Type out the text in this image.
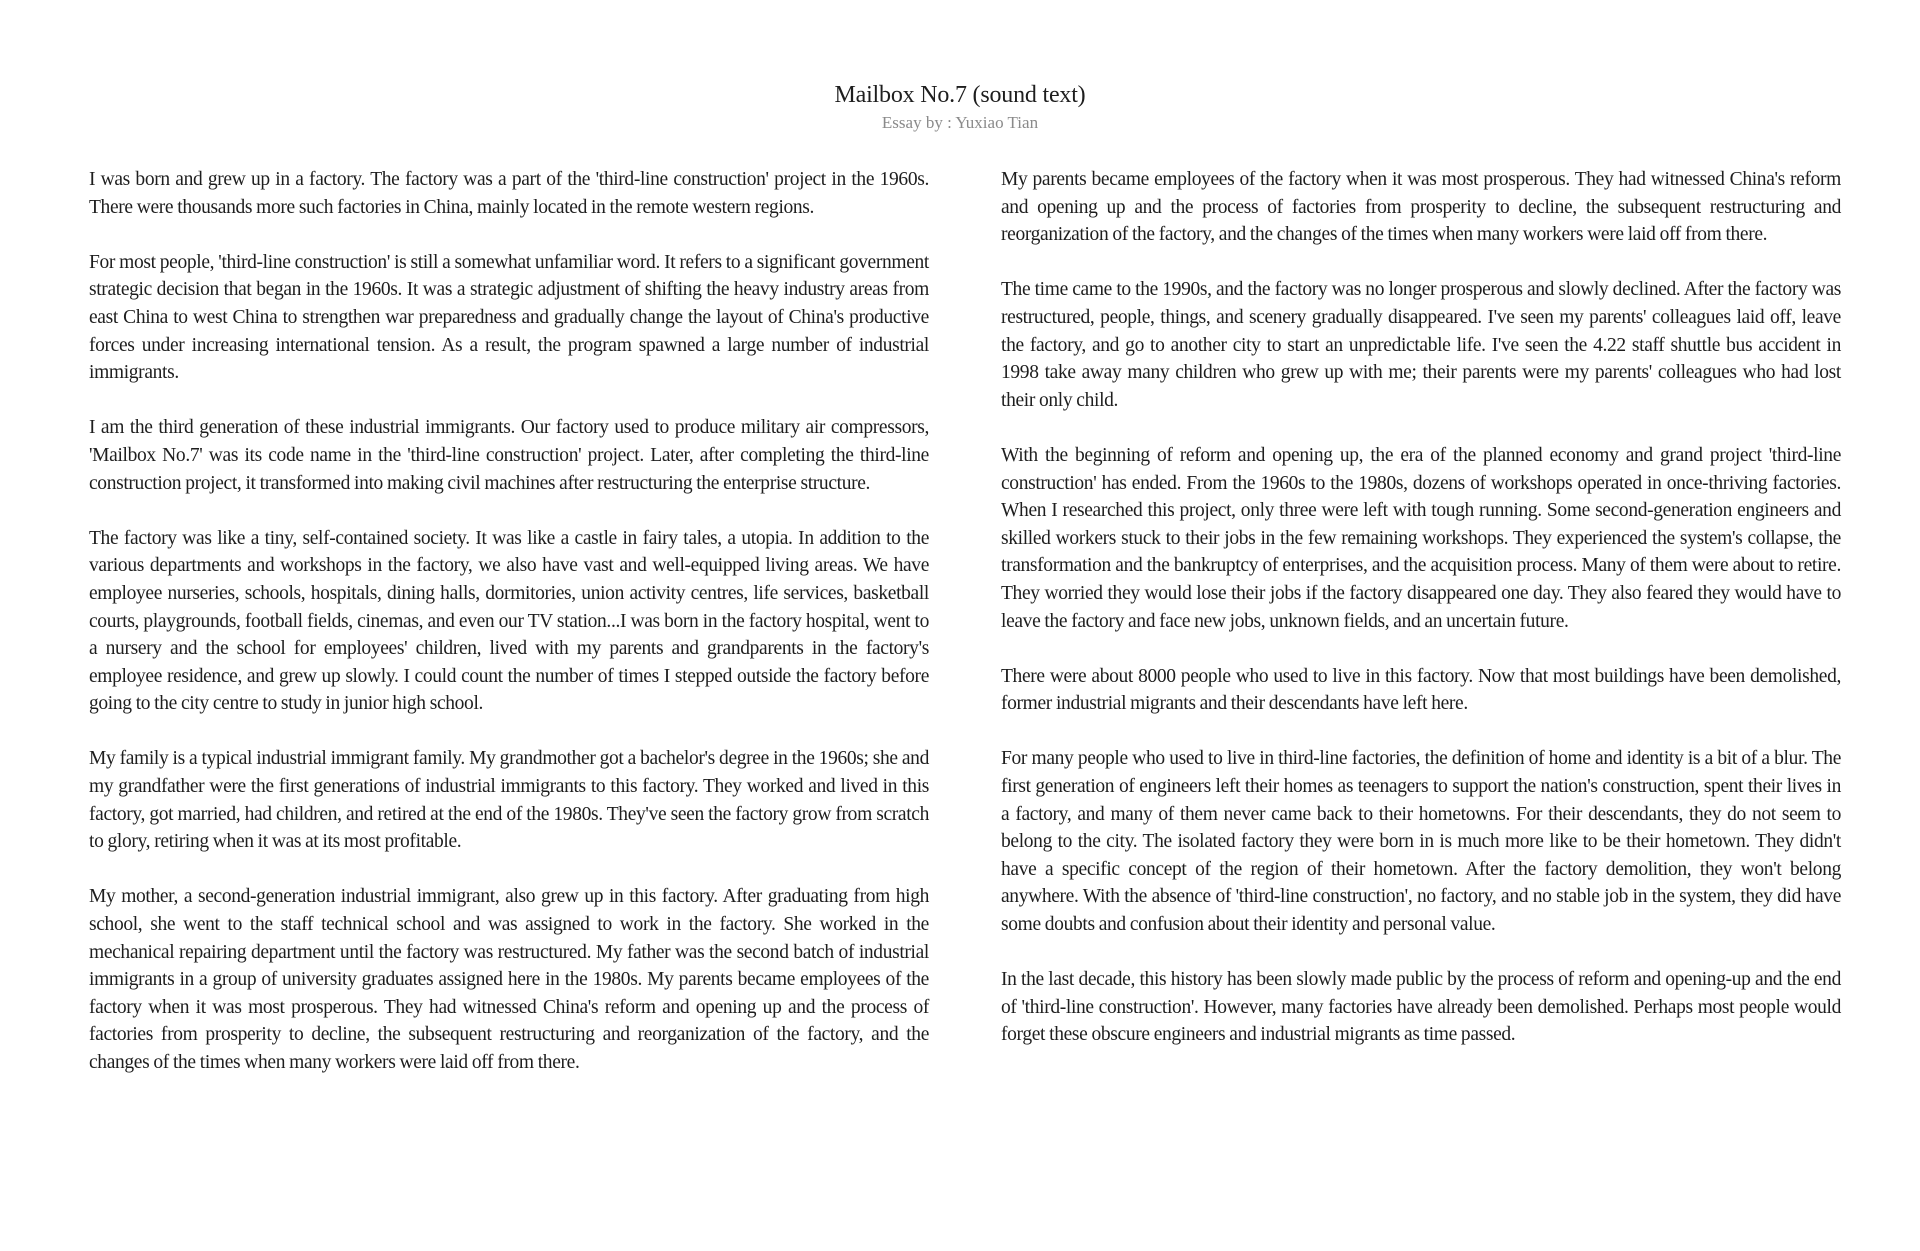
Mailbox No.7 (sound text)
Essay by : Yuxiao Tian

I was born and grew up in a factory. The factory was a part of the 'third-line construction' project in the 1960s. There were thousands more such factories in China, mainly located in the remote western regions.

For most people, 'third-line construction' is still a somewhat unfamiliar word. It refers to a significant government strategic decision that began in the 1960s. It was a strategic adjustment of shifting the heavy industry areas from east China to west China to strengthen war preparedness and gradually change the layout of China's productive forces under increasing international tension. As a result, the program spawned a large number of industrial immigrants.

I am the third generation of these industrial immigrants. Our factory used to produce military air compressors, 'Mailbox No.7' was its code name in the 'third-line construction' project. Later, after completing the third-line construction project, it transformed into making civil machines after restructuring the enterprise structure.

The factory was like a tiny, self-contained society. It was like a castle in fairy tales, a utopia. In addition to the various departments and workshops in the factory, we also have vast and well-equipped living areas. We have employee nurseries, schools, hospitals, dining halls, dormitories, union activity centres, life services, basketball courts, playgrounds, football fields, cinemas, and even our TV station...I was born in the factory hospital, went to a nursery and the school for employees' children, lived with my parents and grandparents in the factory's employee residence, and grew up slowly. I could count the number of times I stepped outside the factory before going to the city centre to study in junior high school.

My family is a typical industrial immigrant family. My grandmother got a bachelor's degree in the 1960s; she and my grandfather were the first generations of industrial immigrants to this factory. They worked and lived in this factory, got married, had children, and retired at the end of the 1980s. They've seen the factory grow from scratch to glory, retiring when it was at its most profitable.

My mother, a second-generation industrial immigrant, also grew up in this factory. After graduating from high school, she went to the staff technical school and was assigned to work in the factory. She worked in the mechanical repairing department until the factory was restructured. My father was the second batch of industrial immigrants in a group of university graduates assigned here in the 1980s. My parents became employees of the factory when it was most prosperous. They had witnessed China's reform and opening up and the process of factories from prosperity to decline, the subsequent restructuring and reorganization of the factory, and the changes of the times when many workers were laid off from there.

My parents became employees of the factory when it was most prosperous. They had witnessed China's reform and opening up and the process of factories from prosperity to decline, the subsequent restructuring and reorganization of the factory, and the changes of the times when many workers were laid off from there.

The time came to the 1990s, and the factory was no longer prosperous and slowly declined. After the factory was restructured, people, things, and scenery gradually disappeared. I've seen my parents' colleagues laid off, leave the factory, and go to another city to start an unpredictable life. I've seen the 4.22 staff shuttle bus accident in 1998 take away many children who grew up with me; their parents were my parents' colleagues who had lost their only child.

With the beginning of reform and opening up, the era of the planned economy and grand project 'third-line construction' has ended. From the 1960s to the 1980s, dozens of workshops operated in once-thriving factories. When I researched this project, only three were left with tough running. Some second-generation engineers and skilled workers stuck to their jobs in the few remaining workshops. They experienced the system's collapse, the transformation and the bankruptcy of enterprises, and the acquisition process. Many of them were about to retire. They worried they would lose their jobs if the factory disappeared one day. They also feared they would have to leave the factory and face new jobs, unknown fields, and an uncertain future.

There were about 8000 people who used to live in this factory. Now that most buildings have been demolished, former industrial migrants and their descendants have left here.

For many people who used to live in third-line factories, the definition of home and identity is a bit of a blur. The first generation of engineers left their homes as teenagers to support the nation's construction, spent their lives in a factory, and many of them never came back to their hometowns. For their descendants, they do not seem to belong to the city. The isolated factory they were born in is much more like to be their hometown. They didn't have a specific concept of the region of their hometown. After the factory demolition, they won't belong anywhere. With the absence of 'third-line construction', no factory, and no stable job in the system, they did have some doubts and confusion about their identity and personal value.

In the last decade, this history has been slowly made public by the process of reform and opening-up and the end of 'third-line construction'. However, many factories have already been demolished. Perhaps most people would forget these obscure engineers and industrial migrants as time passed.
